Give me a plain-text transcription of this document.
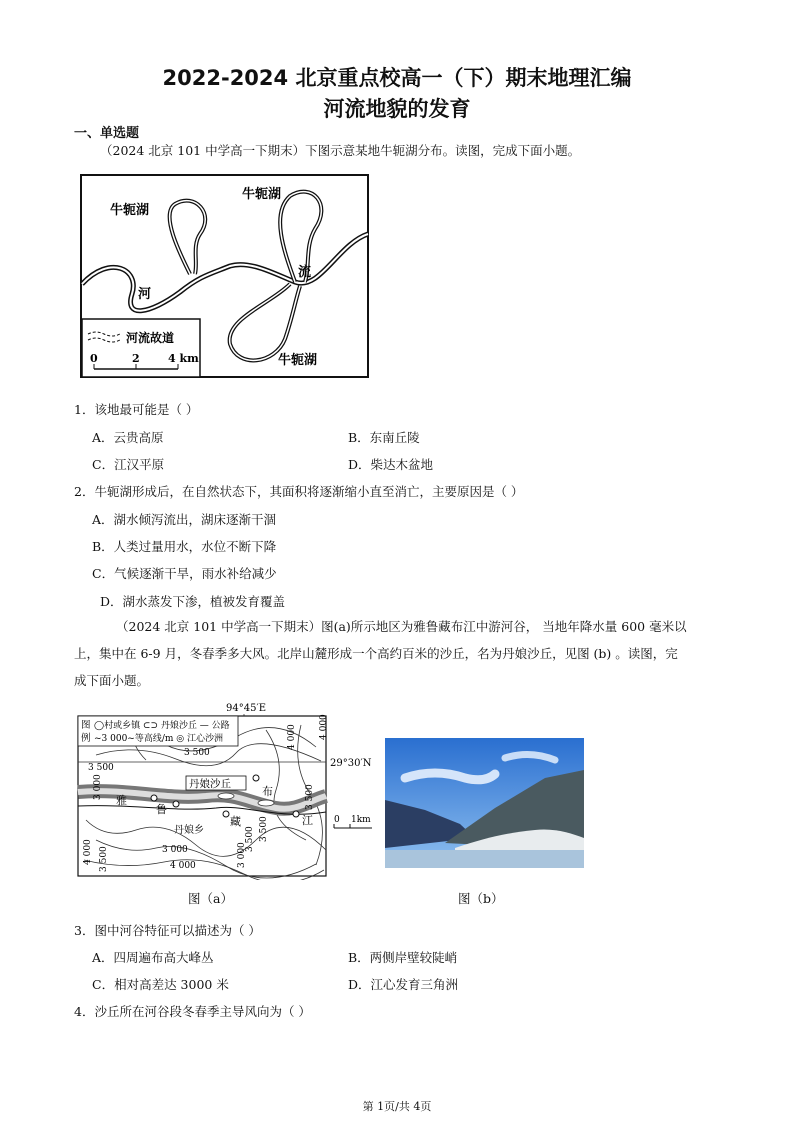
2022-2024 北京重点校高一（下）期末地理汇编
河流地貌的发育
一、单选题
（2024 北京 101 中学高一下期末）下图示意某地牛轭湖分布。读图，完成下面小题。
牛轭湖
牛轭湖
牛轭湖
河
流
河流故道
0	2	4 km
1．该地最可能是（ ）
A．云贵高原	B．东南丘陵
C．江汉平原	D．柴达木盆地
2．牛轭湖形成后，在自然状态下，其面积将逐渐缩小直至消亡，主要原因是（ ）
A．湖水倾泻流出，湖床逐渐干涸
B．人类过量用水，水位不断下降
C．气候逐渐干旱，雨水补给减少
D．湖水蒸发下渗，植被发育覆盖
（2024 北京 101 中学高一下期末）图(a)所示地区为雅鲁藏布江中游河谷， 当地年降水量 600 毫米以
上，集中在 6-9 月，冬春季多大风。北岸山麓形成一个高约百米的沙丘，名为丹娘沙丘，见图 (b) 。读图，完
成下面小题。
94°45′E
29°30′N
图
例
◯村或乡镇 ⊂⊃ 丹娘沙丘 — 公路
~3 000~等高线/m ◎ 江心沙洲
丹娘沙丘
丹娘乡
雅
鲁
藏
布
江
3 500
4 000
3 000	3 500
4 000 3 500	3 000
4 000
3 500 3 500
3 000
4 000
3 500
0 1km
图（a）	图（b）
3．图中河谷特征可以描述为（ ）
A．四周遍布高大峰丛	B．两侧岸壁较陡峭
C．相对高差达 3000 米	D．江心发育三角洲
4．沙丘所在河谷段冬春季主导风向为（ ）
第 1页/共 4页
